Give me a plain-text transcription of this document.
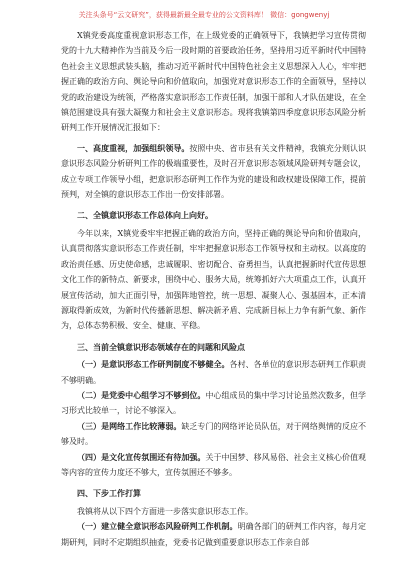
关注头条号“云文研究”，获得最新最全最专业的公文资料库！ 微信：gongwenyj

X镇党委高度重视意识形态工作，在上级党委的正确领导下，我镇把学习宣传贯彻党的十九大精神作为当前及今后一段时期的首要政治任务，坚持用习近平新时代中国特色社会主义思想武装头脑，推动习近平新时代中国特色社会主义思想深入人心，牢牢把握正确的政治方向、舆论导向和价值取向，加强党对意识形态工作的全面领导，坚持以党的政治建设为统领，严格落实意识形态工作责任制，加强干部和人才队伍建设，在全镇范围建设具有强大凝聚力和社会主义意识形态。现将我镇第四季度意识形态风险分析研判工作开展情况汇报如下：

一、高度重视，加强组织领导。按照中央、省市县有关文件精神，我镇充分则认识意识形态风险分析研判工作的极端重要性，及时召开意识形态领域风险研判专题会议，成立专项工作领导小组，把意识形态研判工作作为党的建设和政权建设保障工作，提前预判，对全镇的意识形态工作出一份安排部署。

二、全镇意识形态工作总体向上向好。

今年以来，X镇党委牢牢把握正确的政治方向，坚持正确的舆论导向和价值取向，认真贯彻落实意识形态工作责任制，牢牢把握意识形态工作领导权和主动权。以高度的政治责任感、历史使命感，忠诚履职、密切配合、奋勇担当，认真把握新时代宣传思想文化工作的新特点、新要求，围绕中心、服务大局，统筹抓好六大项重点工作，认真开展宣传活动，加大正面引导，加强阵地管控，统一思想、凝聚人心、强基固本，正本清源取得新成效，为新时代传播新思想、解决新矛盾、完成新目标上力争有新气象、新作为，总体态势积极、安全、健康、平稳。

三、当前全镇意识形态领域存在的问题和风险点

（一）是意识形态工作研判制度不够健全。各村、各单位的意识形态研判工作职责不够明确。

（二）是党委中心组学习不够到位。中心组成员的集中学习讨论虽然次数多，但学习形式比较单一，讨论不够深入。

（三）是网络工作比较薄弱。缺乏专门的网络评论员队伍，对于网络舆情的反应不够及时。

（四）是文化宣传氛围还有待加强。关于中国梦、移风易俗、社会主义核心价值观等内容的宣传力度还不够大，宣传氛围还不够多。

四、下步工作打算

我镇将从以下四个方面进一步落实意识形态工作。

（一）建立健全意识形态风险研判工作机制。明确各部门的研判工作内容，每月定期研判，同时不定期组织抽查，党委书记做到重要意识形态工作亲自部
